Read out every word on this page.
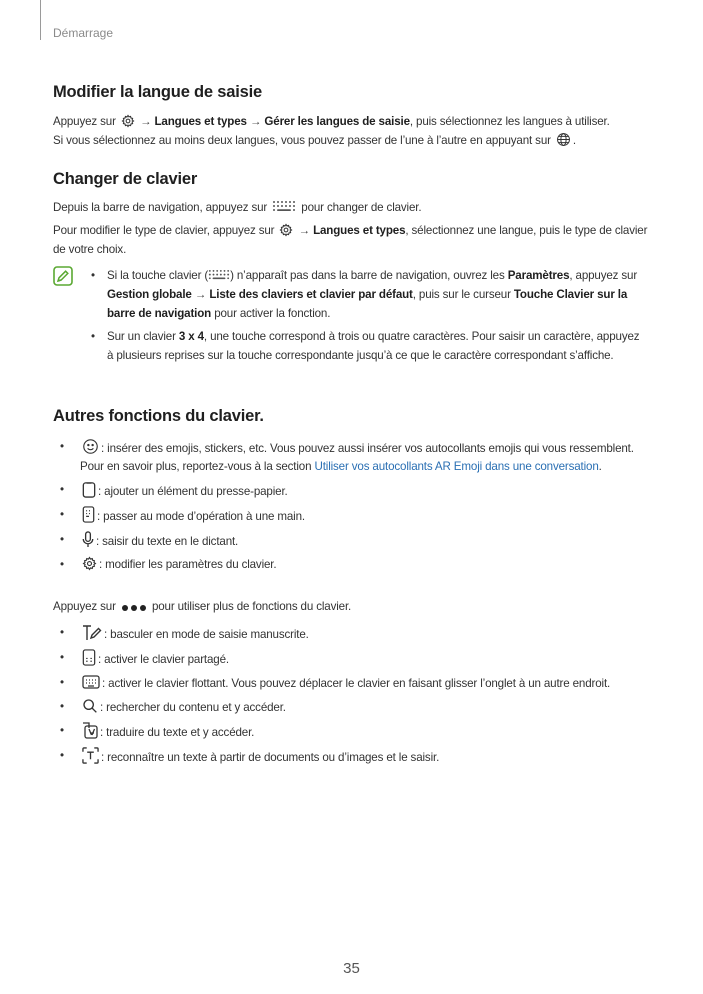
Démarrage
Modifier la langue de saisie
Appuyez sur → Langues et types → Gérer les langues de saisie, puis sélectionnez les langues à utiliser.
Si vous sélectionnez au moins deux langues, vous pouvez passer de l’une à l’autre en appuyant sur .
Changer de clavier
Depuis la barre de navigation, appuyez sur	pour changer de clavier.
Pour modifier le type de clavier, appuyez sur → Langues et types, sélectionnez une langue, puis le type de clavier de votre choix.
• Si la touche clavier ( ) n’apparaît pas dans la barre de navigation, ouvrez les Paramètres, appuyez sur Gestion globale → Liste des claviers et clavier par défaut, puis sur le curseur Touche Clavier sur la barre de navigation pour activer la fonction.
• Sur un clavier 3 x 4, une touche correspond à trois ou quatre caractères. Pour saisir un caractère, appuyez à plusieurs reprises sur la touche correspondante jusqu’à ce que le caractère correspondant s’affiche.
Autres fonctions du clavier.
• : insérer des emojis, stickers, etc. Vous pouvez aussi insérer vos autocollants emojis qui vous ressemblent. Pour en savoir plus, reportez-vous à la section Utiliser vos autocollants AR Emoji dans une conversation.
• : ajouter un élément du presse-papier.
• : passer au mode d’opération à une main.
• : saisir du texte en le dictant.
• : modifier les paramètres du clavier.
Appuyez sur	pour utiliser plus de fonctions du clavier.
• : basculer en mode de saisie manuscrite.
• : activer le clavier partagé.
• : activer le clavier flottant. Vous pouvez déplacer le clavier en faisant glisser l’onglet à un autre endroit.
• : rechercher du contenu et y accéder.
• : traduire du texte et y accéder.
• : reconnaître un texte à partir de documents ou d’images et le saisir.
35
